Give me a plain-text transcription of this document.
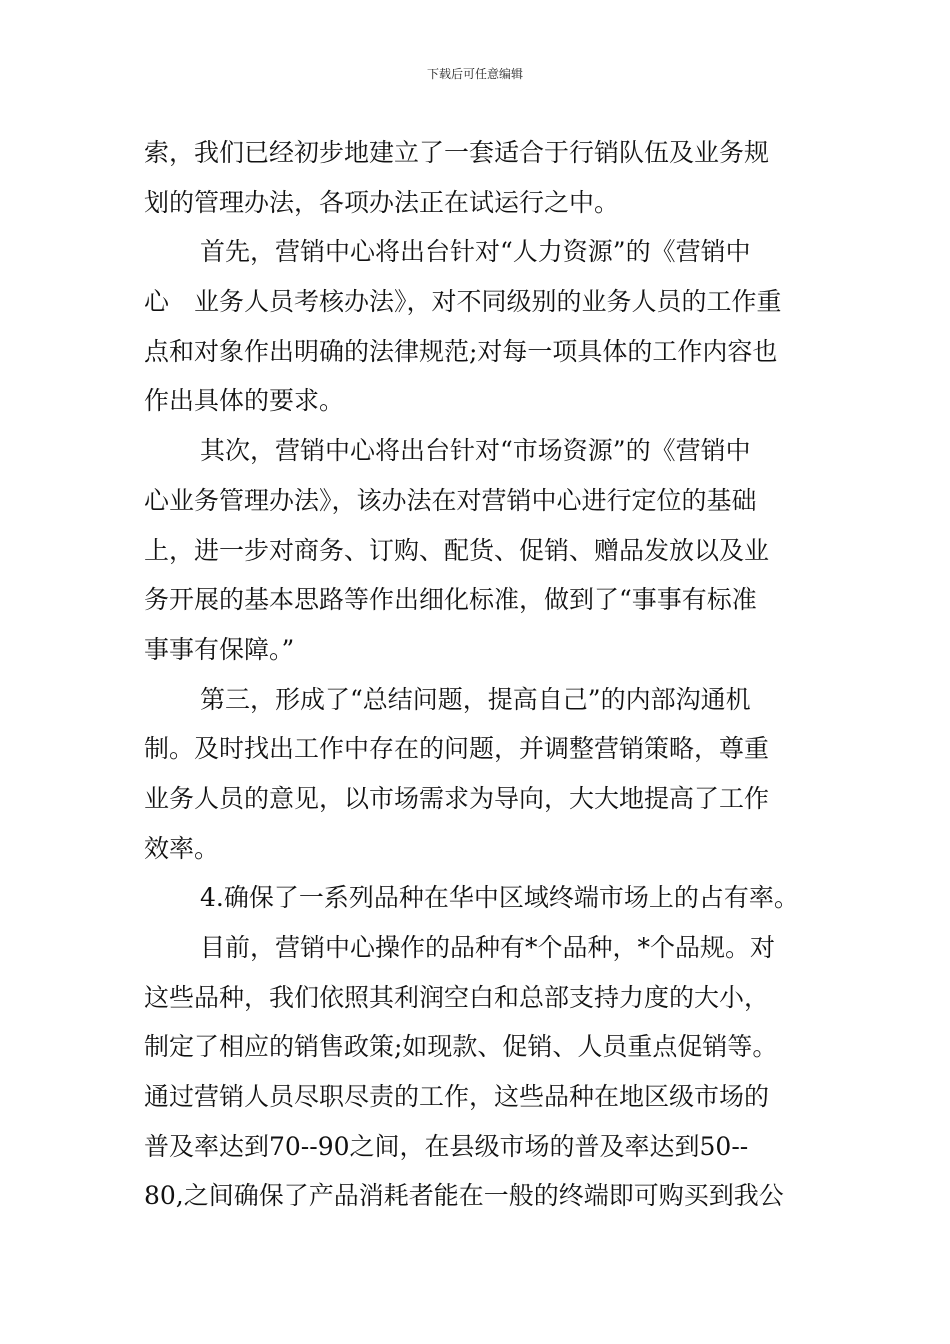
下载后可任意编辑
索，我们已经初步地建立了一套适合于行销队伍及业务规
划的管理办法，各项办法正在试运行之中。
首先，营销中心将出台针对“人力资源”的《营销中
心　业务人员考核办法》，对不同级别的业务人员的工作重
点和对象作出明确的法律规范;对每一项具体的工作内容也
作出具体的要求。
其次，营销中心将出台针对“市场资源”的《营销中
心业务管理办法》，该办法在对营销中心进行定位的基础
上，进一步对商务、订购、配货、促销、赠品发放以及业
务开展的基本思路等作出细化标准，做到了“事事有标准
事事有保障。”
第三，形成了“总结问题，提高自己”的内部沟通机
制。及时找出工作中存在的问题，并调整营销策略，尊重
业务人员的意见，以市场需求为导向，大大地提高了工作
效率。
4.确保了一系列品种在华中区域终端市场上的占有率。
目前，营销中心操作的品种有*个品种，*个品规。对
这些品种，我们依照其利润空白和总部支持力度的大小，
制定了相应的销售政策;如现款、促销、人员重点促销等。
通过营销人员尽职尽责的工作，这些品种在地区级市场的
普及率达到70--90之间，在县级市场的普及率达到50--
80,之间确保了产品消耗者能在一般的终端即可购买到我公
